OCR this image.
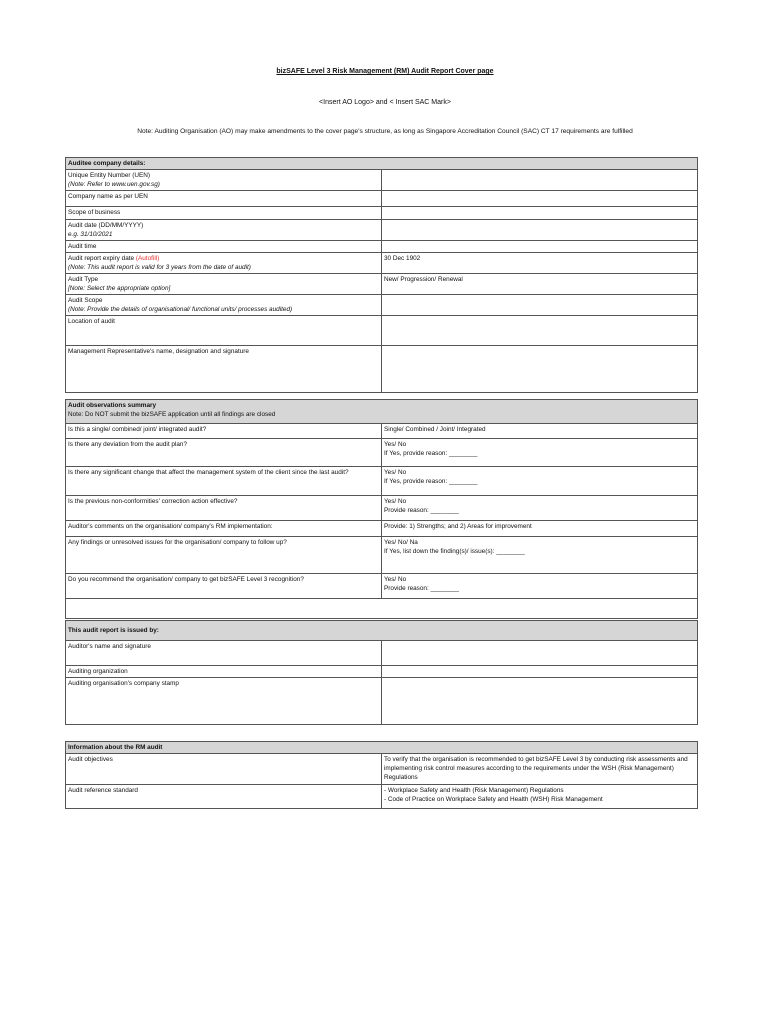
bizSAFE Level 3 Risk Management (RM) Audit Report Cover page
<Insert AO Logo> and < Insert SAC Mark>
Note: Auditing Organisation (AO) may make amendments to the cover page's structure, as long as Singapore Accreditation Council (SAC) CT 17 requirements are fulfilled
Auditee company details:	

Unique Entity Number (UEN)
(Note: Refer to www.uen.gov.sg)	

Company name as per UEN	
Scope of business	

Audit date (DD/MM/YYYY)
e.g. 31/10/2021	

Audit time	

Audit report expiry date (Autofill)
(Note: This audit report is valid for 3 years from the date of audit)	30 Dec 1902

Audit Type
[Note: Select the appropriate option]	New/ Progression/ Renewal

Audit Scope
(Note: Provide the details of organisational/ functional units/ processes audited)	

Location of audit	
Management Representative's name, designation and signature	
Audit observations summary
Note: Do NOT submit the bizSAFE application until all findings are closed	

Is this a single/ combined/ joint/ integrated audit?	Single/ Combined / Joint/ Integrated

Is there any deviation from the audit plan?	Yes/ No
If Yes, provide reason: ________

Is there any significant change that affect the management system of the client since the last audit?	Yes/ No
If Yes, provide reason: ________

Is the previous non-conformities' correction action effective?	Yes/ No
Provide reason: ________

Auditor's comments on the organisation/ company's RM implementation:	Provide: 1) Strengths; and 2) Areas for improvement

Any findings or unresolved issues for the organisation/ company to follow up?	Yes/ No/ Na
If Yes, list down the finding(s)/ issue(s): ________

Do you recommend the organisation/ company to get bizSAFE Level 3 recognition?	Yes/ No
Provide reason: ________

This audit report is issued by:	
Auditor's name and signature	
Auditing organization	
Auditing organisation's company stamp	
Information about the RM audit	
Audit objectives	To verify that the organisation is recommended to get bizSAFE Level 3 by conducting risk assessments and implementing risk control measures according to the requirements under the WSH (Risk Management) Regulations
Audit reference standard	- Workplace Safety and Health (Risk Management) Regulations
- Code of Practice on Workplace Safety and Health (WSH) Risk Management
